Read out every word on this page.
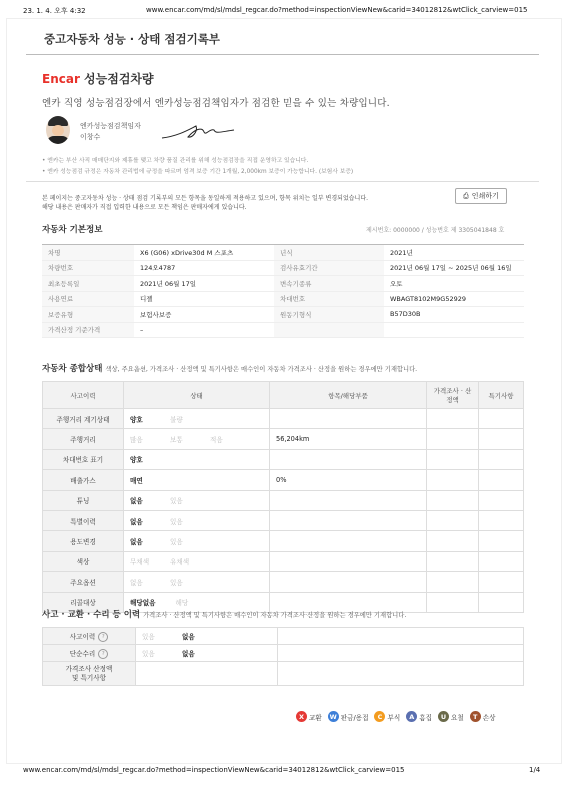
23. 1. 4. 오후 4:32	www.encar.com/md/sl/mdsl_regcar.do?method=inspectionViewNew&carid=34012812&wtClick_carview=015
중고자동차 성능 · 상태 점검기록부
Encar 성능점검차량
엔카 직영 성능점검장에서 엔카성능점검책임자가 점검한 믿을 수 있는 차량입니다.
엔카성능점검책임자
이창수
• 엔카는 부산 사직 매매단지와 제휴를 맺고 차량 품질 관리를 위해 성능점검장을 직접 운영하고 있습니다.
• 엔카 성능점검 규정은 자동차 관리법에 규정을 따르며 엄격 보증 기간 1개월, 2,000km 보증이 가능합니다. (보험사 보증)
본 페이지는 중고자동차 성능 · 상태 점검 기록부의 모든 항목을 동일하게 적용하고 있으며, 항목 위치는 일부 변경되었습니다.
해당 내용은 판매자가 직접 입력한 내용으로 모든 책임은 판매자에게 있습니다.
⎙ 인쇄하기
자동차 기본정보	제시번호: 0000000 / 성능번호 제 3305041848 호
차명	X6 (G06) xDrive30d M 스포츠	년식	2021년
차량번호	124오4787	검사유효기간	2021년 06월 17일 ~ 2025년 06월 16일
최초등록일	2021년 06월 17일	변속기종류	오토
사용연료	디젤	차대번호	WBAGT8102M9G52929
보증유형	보험사보증	원동기형식	B57D30B
가격산정 기준가격	–		
자동차 종합상태 색상, 주요옵션, 가격조사 · 산정액 및 특기사항은 매수인이 자동차 가격조사 · 산정을 원하는 경우에만 기재합니다.
사고이력	상태	항목/해당부품	가격조사 · 산정액	특기사항
주행거리 계기상태	양호 불량			
주행거리	많음 보통 적음	56,204km		
차대번호 표기	양호			
배출가스	매연	0%		
튜닝	없음 있음			
특별이력	없음 있음			
용도변경	없음 있음			
색상	무채색 유채색			
주요옵션	없음 있음			
리콜대상	해당없음 해당			
사고 · 교환 · 수리 등 이력 가격조사 · 산정액 및 특기사항은 매수인이 자동차 가격조사·산정을 원하는 경우에만 기재합니다.
사고이력 ?	있음 없음	
단순수리 ?	있음 없음	
가격조사 산정액
및 특기사항		
X 교환 W 판금/용접	C 부식	A 흠집	U 요철	T 손상
www.encar.com/md/sl/mdsl_regcar.do?method=inspectionViewNew&carid=34012812&wtClick_carview=015	1/4
